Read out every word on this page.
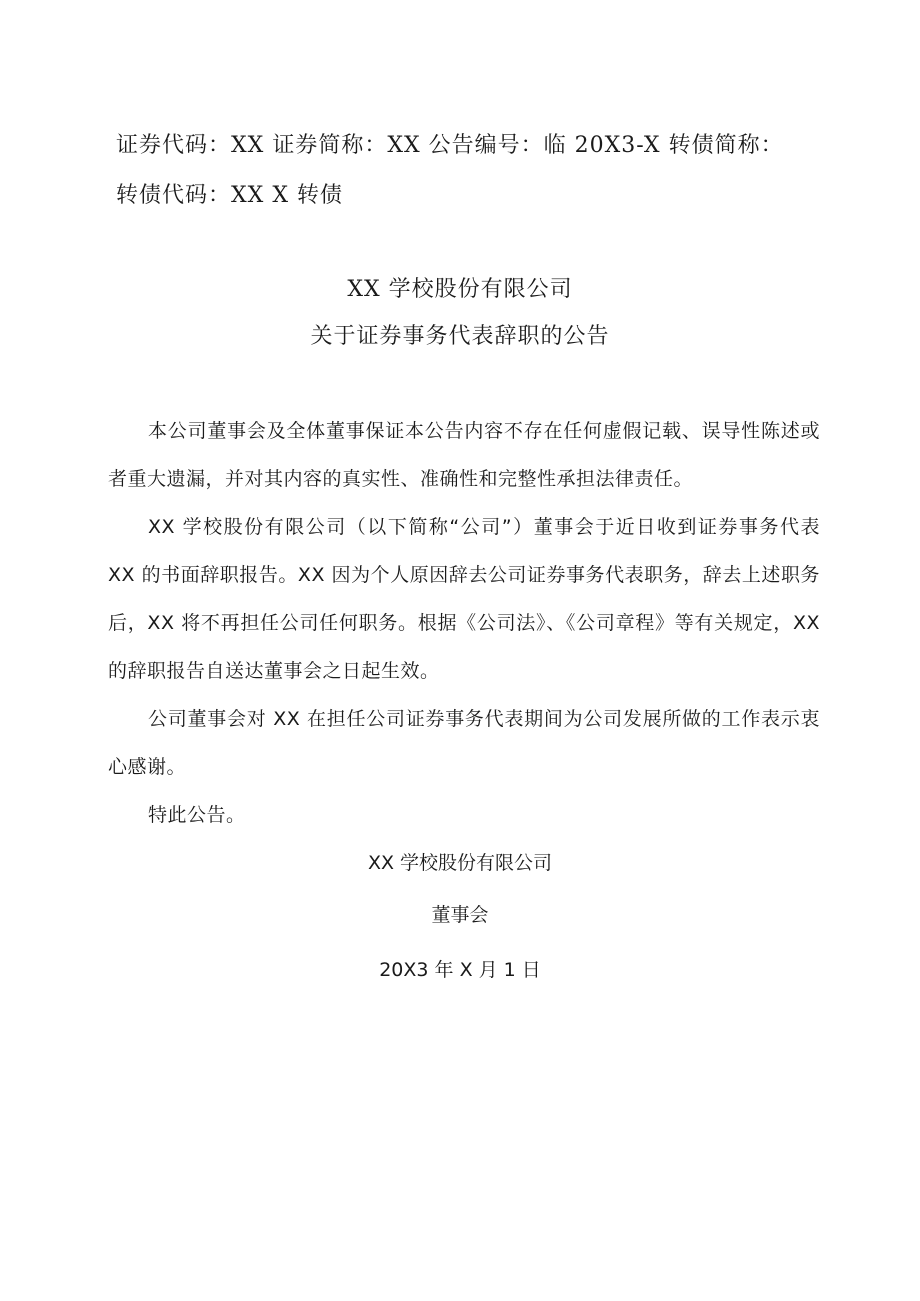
证券代码：XX 证券简称：XX 公告编号：临 20X3-X 转债简称：
转债代码：XX X 转债
XX 学校股份有限公司
关于证券事务代表辞职的公告

本公司董事会及全体董事保证本公告内容不存在任何虚假记载、误导性陈述或者重大遗漏，并对其内容的真实性、准确性和完整性承担法律责任。

XX 学校股份有限公司（以下简称“公司”）董事会于近日收到证券事务代表 XX 的书面辞职报告。XX 因为个人原因辞去公司证券事务代表职务，辞去上述职务后，XX 将不再担任公司任何职务。根据《公司法》、《公司章程》等有关规定，XX 的辞职报告自送达董事会之日起生效。

公司董事会对 XX 在担任公司证券事务代表期间为公司发展所做的工作表示衷心感谢。

特此公告。

XX 学校股份有限公司
董事会
20X3 年 X 月 1 日
